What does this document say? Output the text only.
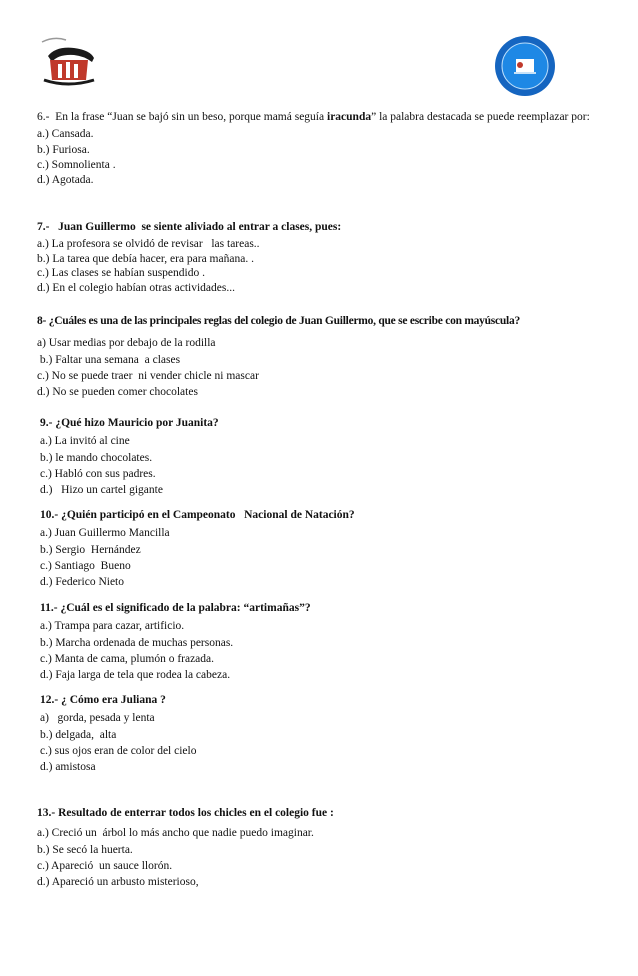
6.-  En la frase “Juan se bajó sin un beso, porque mamá seguía iracunda” la palabra destacada se puede reemplazar por:

a.) Cansada.

b.) Furiosa.

c.) Somnolienta .

d.) Agotada.

7.-   Juan Guillermo  se siente aliviado al entrar a clases, pues:

a.) La profesora se olvidó de revisar   las tareas..

b.) La tarea que debía hacer, era para mañana. .

c.) Las clases se habían suspendido .

d.) En el colegio habían otras actividades...

8- ¿Cuáles es una de las principales reglas del colegio de Juan Guillermo, que se escribe con mayúscula?

a) Usar medias por debajo de la rodilla

b.) Faltar una semana  a clases

c.) No se puede traer  ni vender chicle ni mascar

d.) No se pueden comer chocolates

9.- ¿Qué hizo Mauricio por Juanita?

a.) La invitó al cine

b.) le mando chocolates.

c.) Habló con sus padres.

d.)   Hizo un cartel gigante

10.- ¿Quién participó en el Campeonato   Nacional de Natación?

a.) Juan Guillermo Mancilla

b.) Sergio  Hernández

c.) Santiago  Bueno

d.) Federico Nieto

11.- ¿Cuál es el significado de la palabra: “artimañas”?

a.) Trampa para cazar, artificio.

b.) Marcha ordenada de muchas personas.

c.) Manta de cama, plumón o frazada.

d.) Faja larga de tela que rodea la cabeza.

12.- ¿ Cómo era Juliana ?

a)   gorda, pesada y lenta

b.) delgada,  alta

c.) sus ojos eran de color del cielo

d.) amistosa

13.- Resultado de enterrar todos los chicles en el colegio fue :

a.) Creció un  árbol lo más ancho que nadie puedo imaginar.

b.) Se secó la huerta.

c.) Apareció  un sauce llorón.

d.) Apareció un arbusto misterioso,
